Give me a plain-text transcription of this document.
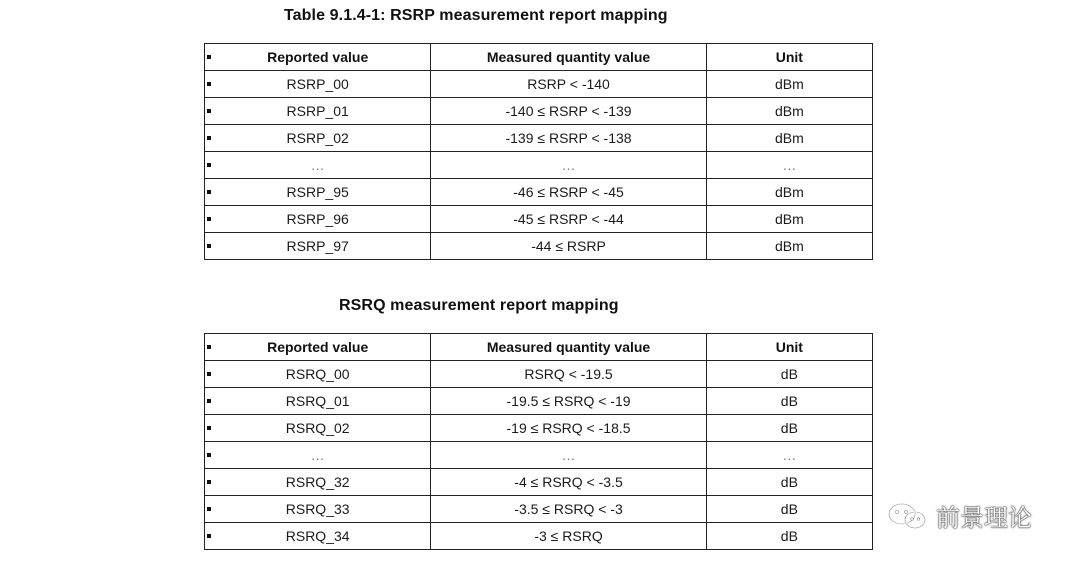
Table 9.1.4-1: RSRP measurement report mapping
Reported value	Measured quantity value	Unit

RSRP_00	RSRP < -140	dBm

RSRP_01	-140 ≤ RSRP < -139	dBm

RSRP_02	-139 ≤ RSRP < -138	dBm

…	…	…

RSRP_95	-46 ≤ RSRP < -45	dBm

RSRP_96	-45 ≤ RSRP < -44	dBm

RSRP_97	-44 ≤ RSRP	dBm
RSRQ measurement report mapping
Reported value	Measured quantity value	Unit

RSRQ_00	RSRQ < -19.5	dB

RSRQ_01	-19.5 ≤ RSRQ < -19	dB

RSRQ_02	-19 ≤ RSRQ < -18.5	dB

…	…	…

RSRQ_32	-4 ≤ RSRQ < -3.5	dB

RSRQ_33	-3.5 ≤ RSRQ < -3	dB

RSRQ_34	-3 ≤ RSRQ	dB
前景理论
